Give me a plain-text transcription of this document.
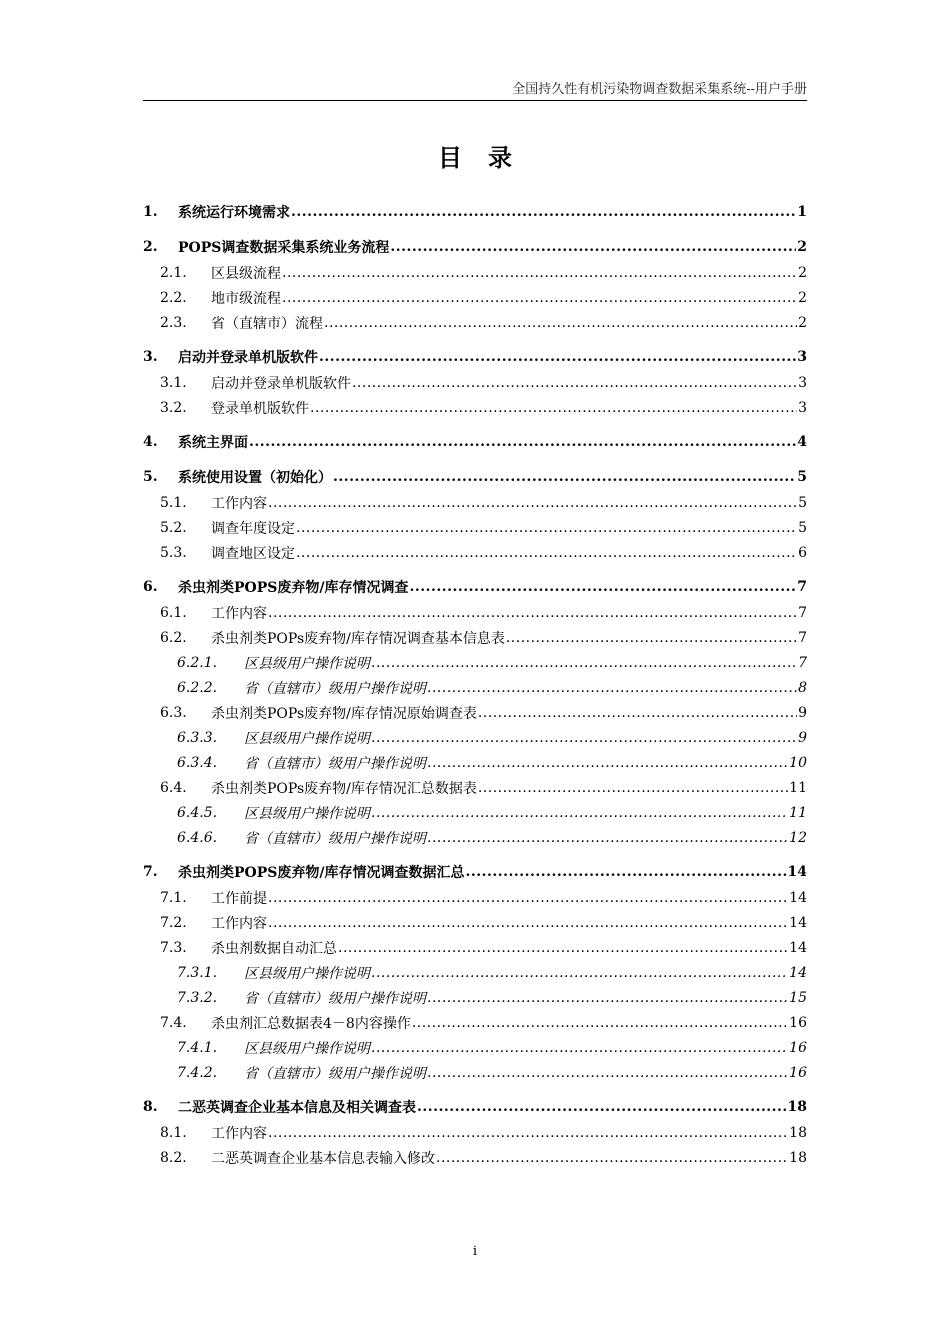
全国持久性有机污染物调查数据采集系统--用户手册
目录
1.	系统运行环境需求 .....	1
2.	POPS调查数据采集系统业务流程 .....	2
2.1.	区县级流程 .....	2
2.2.	地市级流程 .....	2
2.3.	省（直辖市）流程 .....	2
3.	启动并登录单机版软件 .....	3
3.1.	启动并登录单机版软件 .....	3
3.2.	登录单机版软件 .....	3
4.	系统主界面 .....	4
5.	系统使用设置（初始化） .....	5
5.1.	工作内容 .....	5
5.2.	调查年度设定 .....	5
5.3.	调查地区设定 .....	6
6.	杀虫剂类POPS废弃物/库存情况调查 .....	7
6.1.	工作内容 .....	7
6.2.	杀虫剂类POPs废弃物/库存情况调查基本信息表 .....	7
6.2.1.	区县级用户操作说明 .....	7
6.2.2.	省（直辖市）级用户操作说明 .....	8
6.3.	杀虫剂类POPs废弃物/库存情况原始调查表 .....	9
6.3.3.	区县级用户操作说明 .....	9
6.3.4.	省（直辖市）级用户操作说明 .....	10
6.4.	杀虫剂类POPs废弃物/库存情况汇总数据表 .....	11
6.4.5.	区县级用户操作说明 .....	11
6.4.6.	省（直辖市）级用户操作说明 .....	12
7.	杀虫剂类POPS废弃物/库存情况调查数据汇总 .....	14
7.1.	工作前提 .....	14
7.2.	工作内容 .....	14
7.3.	杀虫剂数据自动汇总 .....	14
7.3.1.	区县级用户操作说明 .....	14
7.3.2.	省（直辖市）级用户操作说明 .....	15
7.4.	杀虫剂汇总数据表4－8内容操作 .....	16
7.4.1.	区县级用户操作说明 .....	16
7.4.2.	省（直辖市）级用户操作说明 .....	16
8.	二恶英调查企业基本信息及相关调查表 .....	18
8.1.	工作内容 .....	18
8.2.	二恶英调查企业基本信息表输入修改 .....	18
i
